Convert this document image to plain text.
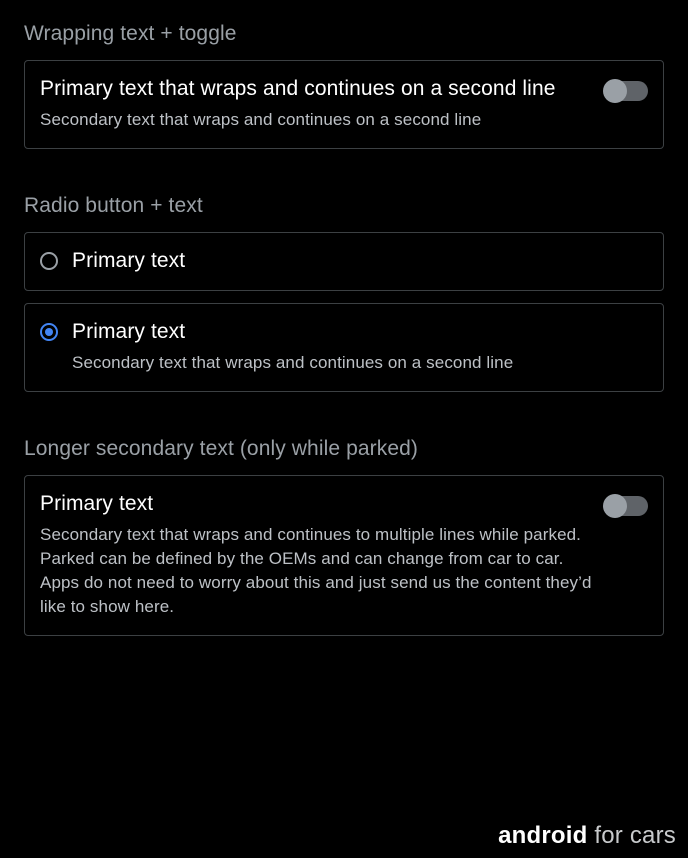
Wrapping text + toggle
Primary text that wraps and continues on a second line
Secondary text that wraps and continues on a second line
Radio button + text
Primary text
Primary text
Secondary text that wraps and continues on a second line
Longer secondary text (only while parked)
Primary text
Secondary text that wraps and continues to multiple lines while parked. Parked can be defined by the OEMs and can change from car to car. Apps do not need to worry about this and just send us the content they’d like to show here.
android for cars
